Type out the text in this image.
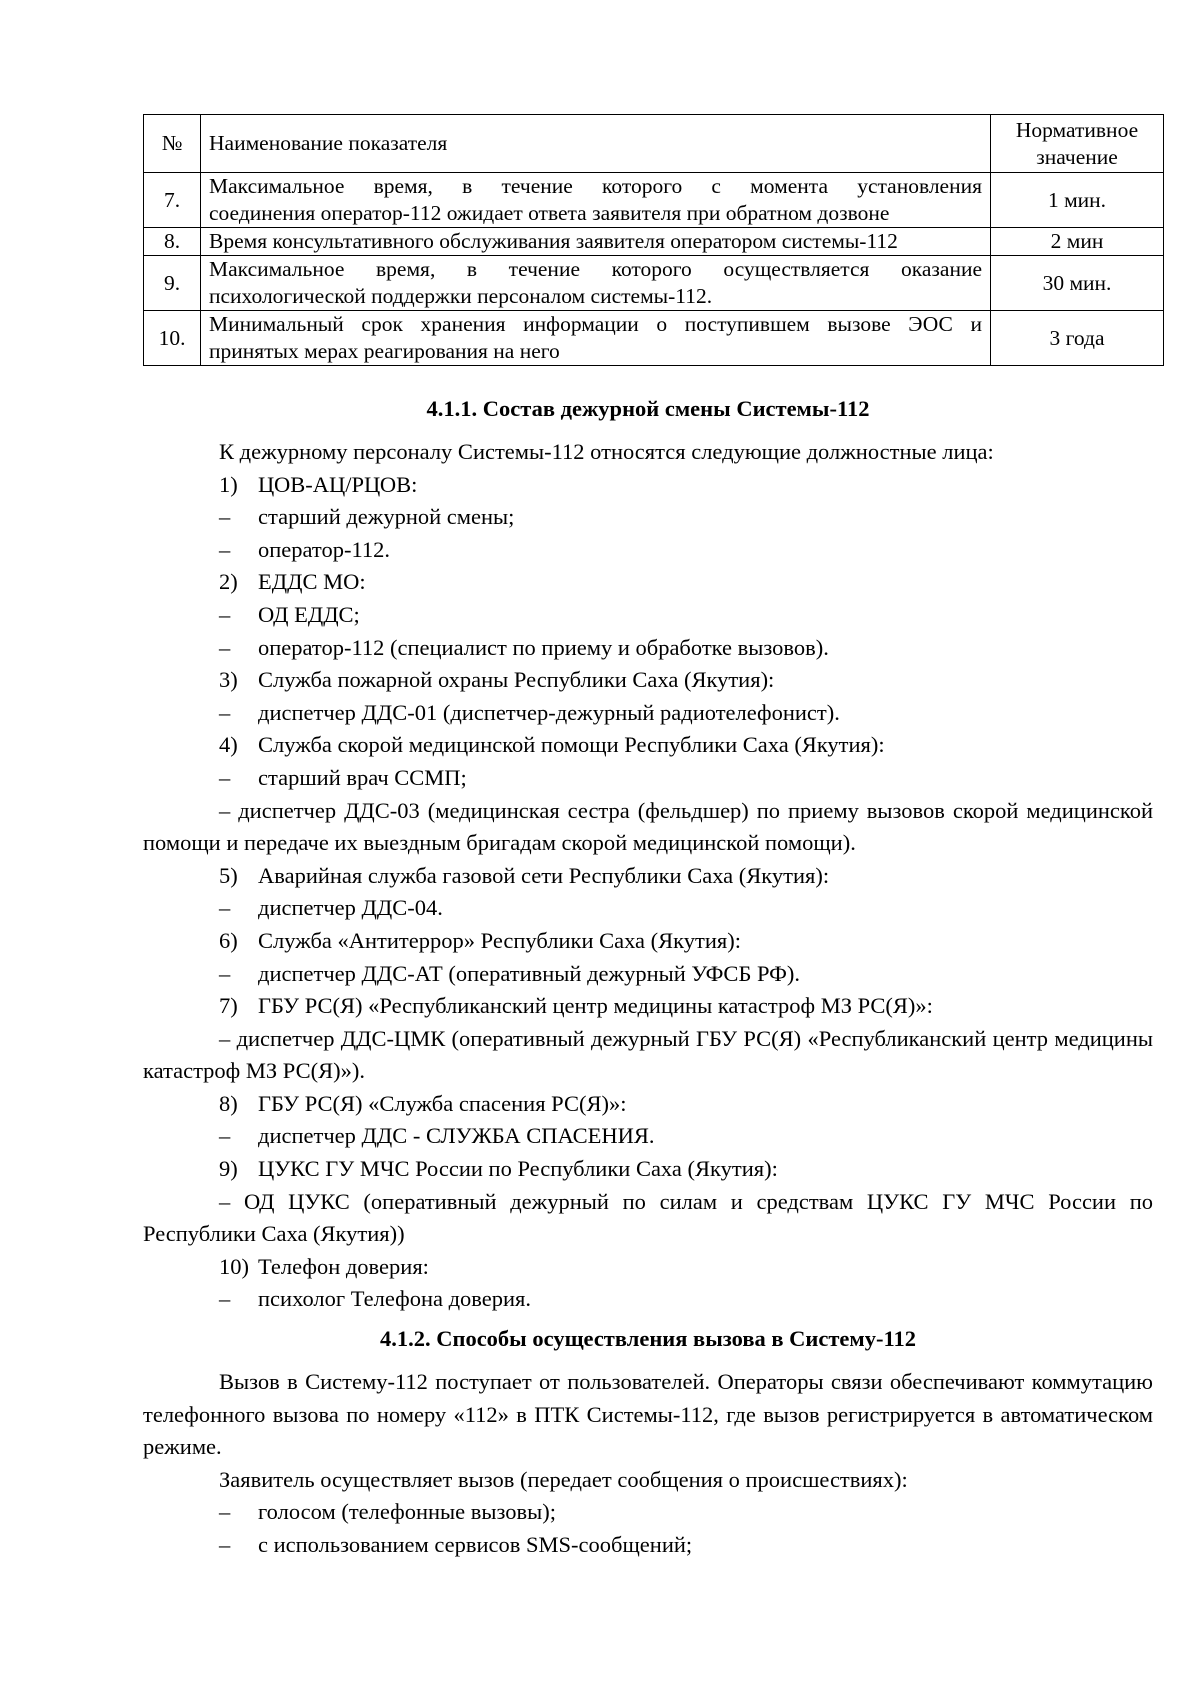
№	Наименование показателя	Нормативное
значение
7.	Максимальное время, в течение которого с момента установления
соединения оператор-112 ожидает ответа заявителя при обратном дозвоне	1 мин.
8.	Время консультативного обслуживания заявителя оператором системы-112	2 мин
9.	Максимальное время, в течение которого осуществляется оказание
психологической поддержки персоналом системы-112.	30 мин.
10.	Минимальный срок хранения информации о поступившем вызове ЭОС и
принятых мерах реагирования на него	3 года
4.1.1. Состав дежурной смены Системы-112

К дежурному персоналу Системы-112 относятся следующие должностные лица:

1) ЦОВ-АЦ/РЦОВ:
–	старший дежурной смены;
–	оператор-112.
2) ЕДДС МО:
–	ОД ЕДДС;
–	оператор-112 (специалист по приему и обработке вызовов).
3) Служба пожарной охраны Республики Саха (Якутия):
–	диспетчер ДДС-01 (диспетчер-дежурный радиотелефонист).
4) Служба скорой медицинской помощи Республики Саха (Якутия):
–	старший врач ССМП;

– диспетчер ДДС-03 (медицинская сестра (фельдшер) по приему вызовов скорой медицинской помощи и передаче их выездным бригадам скорой медицинской помощи).

5) Аварийная служба газовой сети Республики Саха (Якутия):
–	диспетчер ДДС-04.
6) Служба «Антитеррор» Республики Саха (Якутия):
–	диспетчер ДДС-АТ (оперативный дежурный УФСБ РФ).
7) ГБУ РС(Я) «Республиканский центр медицины катастроф МЗ РС(Я)»:

– диспетчер ДДС-ЦМК (оперативный дежурный ГБУ РС(Я) «Республиканский центр медицины катастроф МЗ РС(Я)»).

8) ГБУ РС(Я) «Служба спасения РС(Я)»:
–	диспетчер ДДС - СЛУЖБА СПАСЕНИЯ.
9) ЦУКС ГУ МЧС России по Республики Саха (Якутия):

– ОД ЦУКС (оперативный дежурный по силам и средствам ЦУКС ГУ МЧС России по Республики Саха (Якутия))

10) Телефон доверия:
–	психолог Телефона доверия.
4.1.2. Способы осуществления вызова в Систему-112

Вызов в Систему-112 поступает от пользователей. Операторы связи обеспечивают коммутацию телефонного вызова по номеру «112» в ПТК Системы-112, где вызов регистрируется в автоматическом режиме.

Заявитель осуществляет вызов (передает сообщения о происшествиях):

–	голосом (телефонные вызовы);
–	с использованием сервисов SMS-сообщений;
